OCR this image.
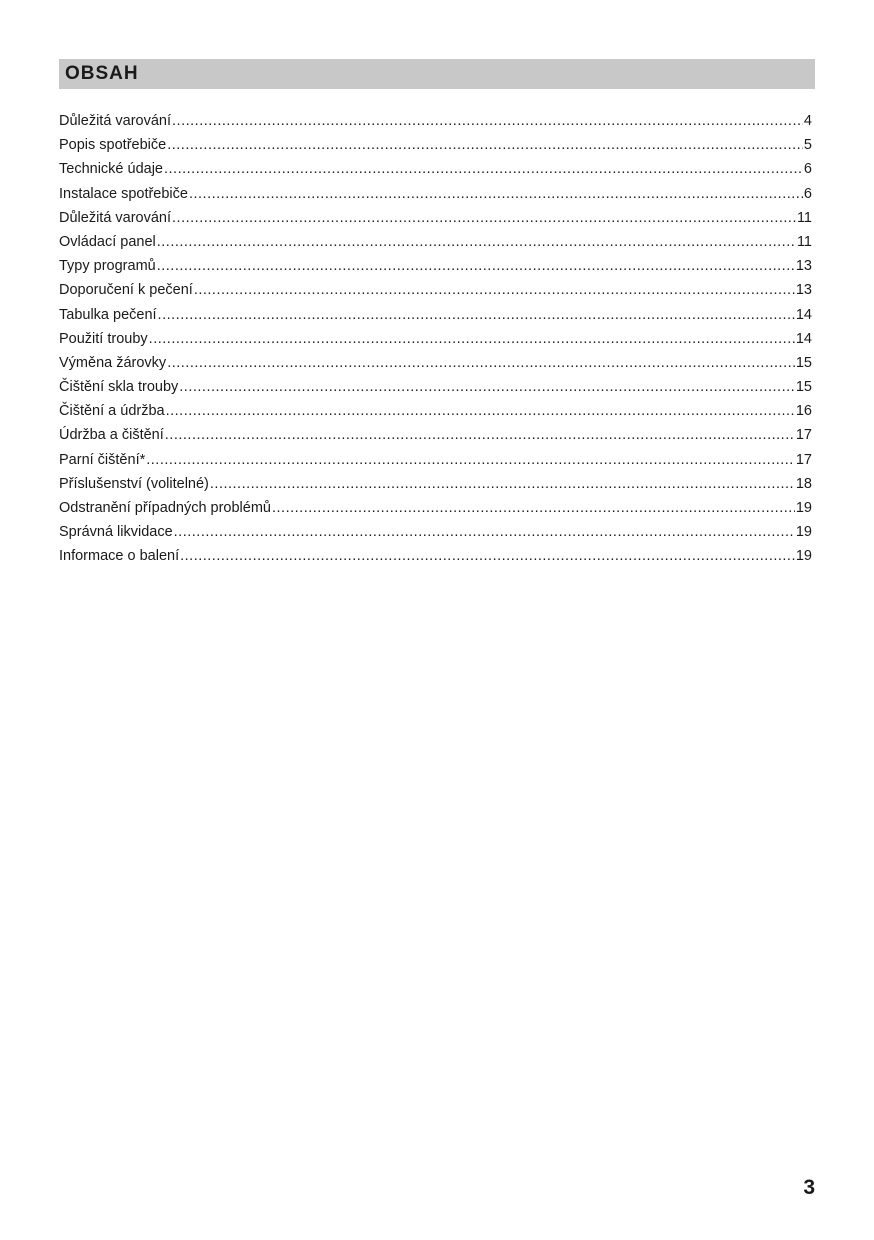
OBSAH
Důležitá varování .....	4
Popis spotřebiče .....	5
Technické údaje .....	6
Instalace spotřebiče .....	6
Důležitá varování .....	11
Ovládací panel .....	11
Typy programů .....	13
Doporučení k pečení .....	13
Tabulka pečení .....	14
Použití trouby .....	14
Výměna žárovky .....	15
Čištění skla trouby .....	15
Čištění a údržba .....	16
Údržba a čištění .....	17
Parní čištění* .....	17
Příslušenství (volitelné) .....	18
Odstranění případných problémů .....	19
Správná likvidace .....	19
Informace o balení .....	19
3
